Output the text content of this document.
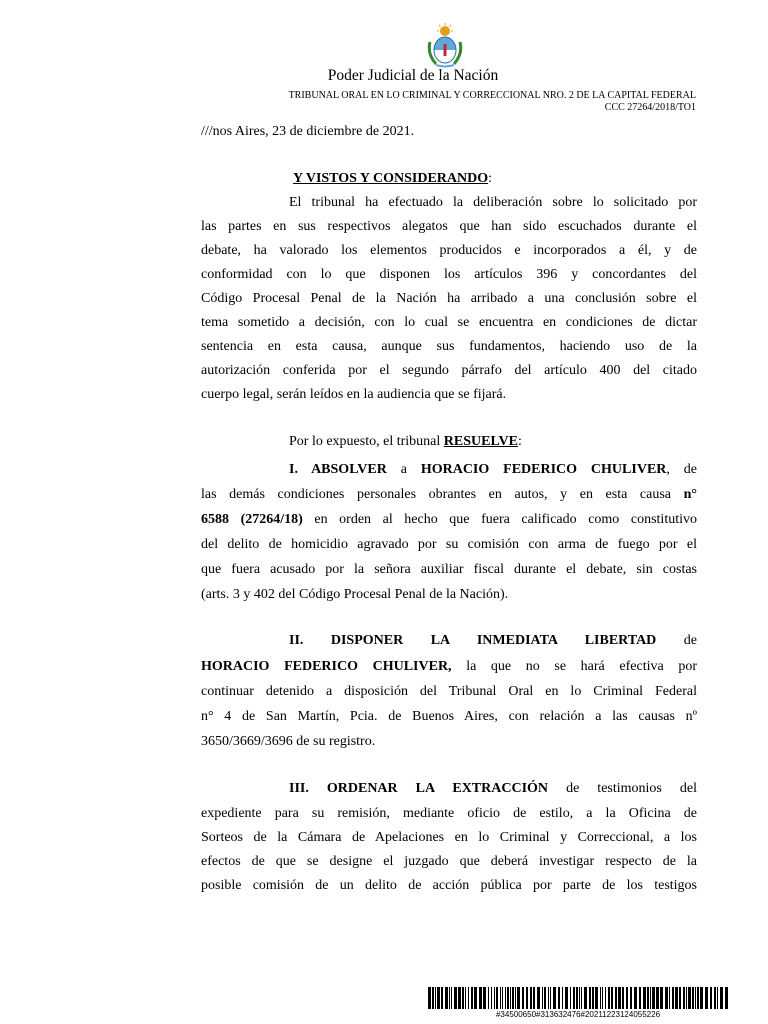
Poder Judicial de la Nación
TRIBUNAL ORAL EN LO CRIMINAL Y CORRECCIONAL NRO. 2 DE LA CAPITAL FEDERAL
CCC 27264/2018/TO1
///nos Aires, 23 de diciembre de 2021.
Y VISTOS Y CONSIDERANDO:
El tribunal ha efectuado la deliberación sobre lo solicitado por
las partes en sus respectivos alegatos que han sido escuchados durante el
debate, ha valorado los elementos producidos e incorporados a él, y de
conformidad con lo que disponen los artículos 396 y concordantes del
Código Procesal Penal de la Nación ha arribado a una conclusión sobre el
tema sometido a decisión, con lo cual se encuentra en condiciones de dictar
sentencia en esta causa, aunque sus fundamentos, haciendo uso de la
autorización conferida por el segundo párrafo del artículo 400 del citado
cuerpo legal, serán leídos en la audiencia que se fijará.
Por lo expuesto, el tribunal RESUELVE:
I. ABSOLVER a HORACIO FEDERICO CHULIVER, de
las demás condiciones personales obrantes en autos, y en esta causa n°
6588 (27264/18) en orden al hecho que fuera calificado como constitutivo
del delito de homicidio agravado por su comisión con arma de fuego por el
que fuera acusado por la señora auxiliar fiscal durante el debate, sin costas
(arts. 3 y 402 del Código Procesal Penal de la Nación).
II. DISPONER LA INMEDIATA LIBERTAD de
HORACIO FEDERICO CHULIVER, la que no se hará efectiva por
continuar detenido a disposición del Tribunal Oral en lo Criminal Federal
n° 4 de San Martín, Pcia. de Buenos Aires, con relación a las causas nº
3650/3669/3696 de su registro.
III. ORDENAR LA EXTRACCIÓN de testimonios del
expediente para su remisión, mediante oficio de estilo, a la Oficina de
Sorteos de la Cámara de Apelaciones en lo Criminal y Correccional, a los
efectos de que se designe el juzgado que deberá investigar respecto de la
posible comisión de un delito de acción pública por parte de los testigos
#34500650#313632476#20211223124055226
